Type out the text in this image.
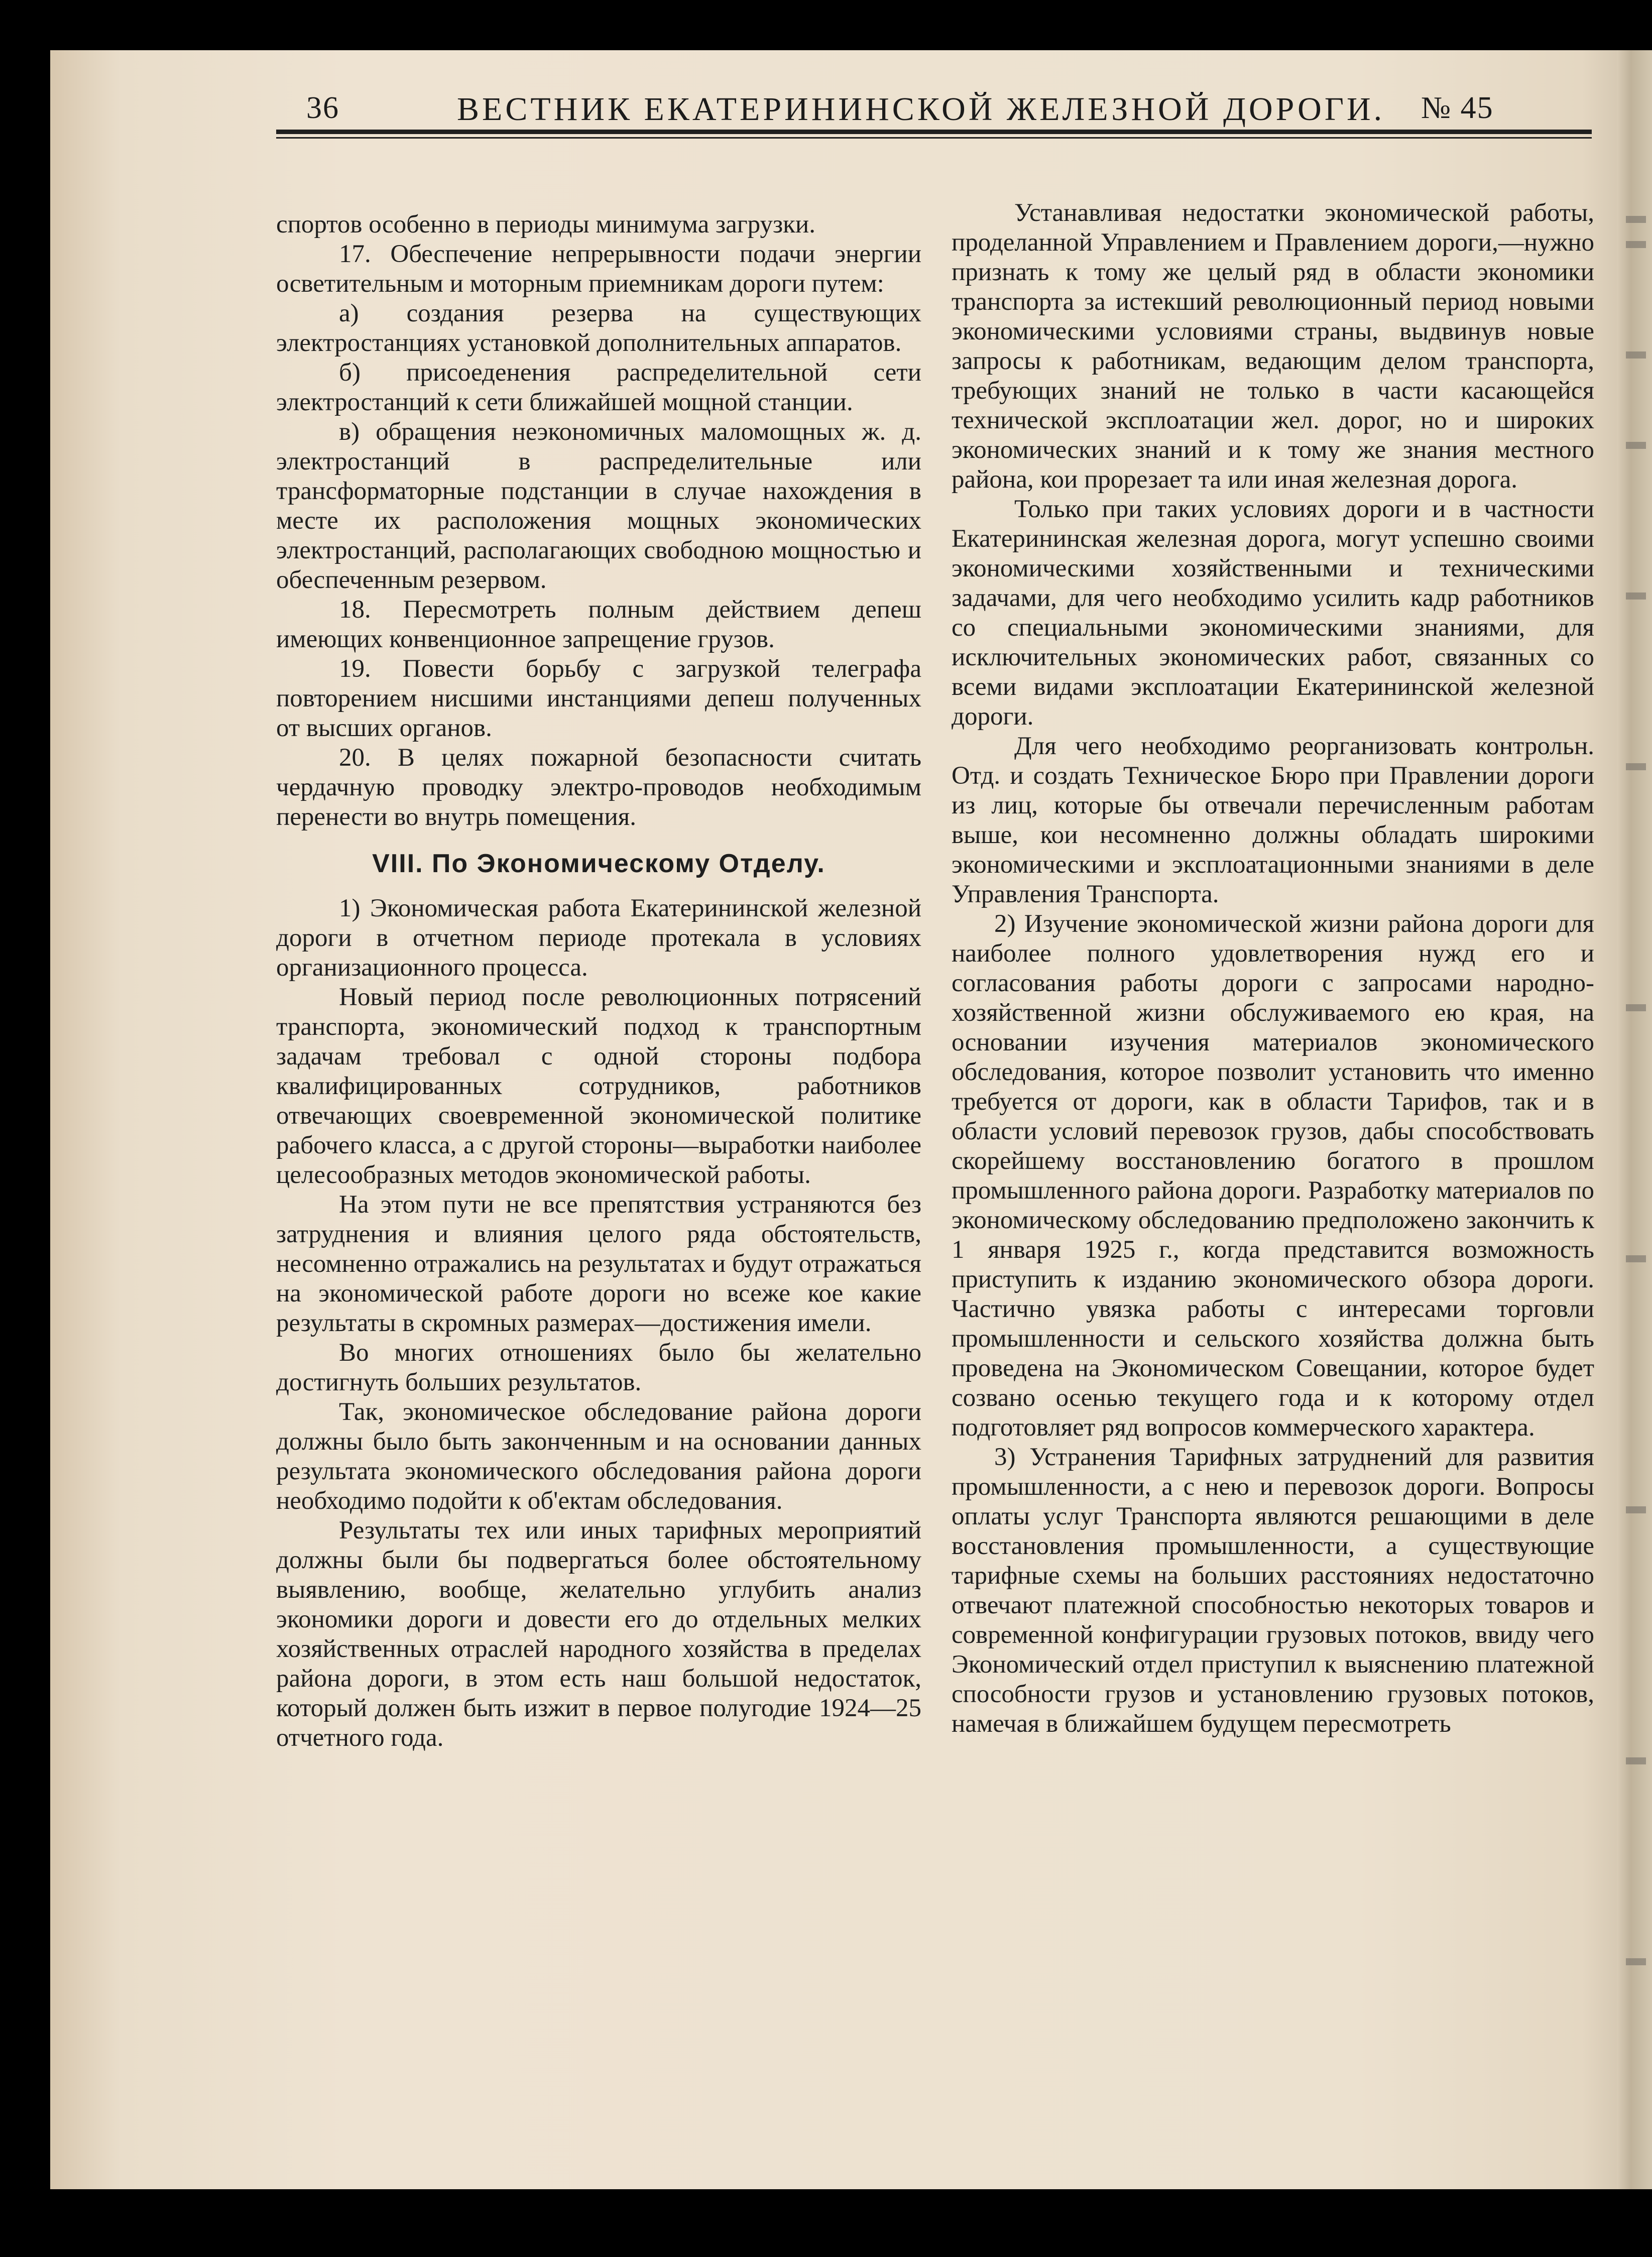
36	ВЕСТНИК ЕКАТЕРИНИНСКОЙ ЖЕЛЕЗНОЙ ДОРОГИ. № 45

спортов особенно в периоды минимума загрузки.

17. Обеспечение непрерывности подачи энергии осветительным и моторным приемникам дороги путем:

а) создания резерва на существующих электростанциях установкой дополнительных аппаратов.

б) присоеденения распределительной сети электростанций к сети ближайшей мощной станции.

в) обращения неэкономичных маломощных ж. д. электростанций в распределительные или трансформаторные подстанции в случае нахождения в месте их расположения мощных экономических электростанций, располагающих свободною мощностью и обеспеченным резервом.

18. Пересмотреть полным действием депеш имеющих конвенционное запрещение грузов.

19. Повести борьбу с загрузкой телеграфа повторением нисшими инстанциями депеш полученных от высших органов.

20. В целях пожарной безопасности считать чердачную проводку электро-проводов необходимым перенести во внутрь помещения.

VIII. По Экономическому Отделу.

1) Экономическая работа Екатерининской железной дороги в отчетном периоде протекала в условиях организационного процесса.

Новый период после революционных потрясений транспорта, экономический подход к транспортным задачам требовал с одной стороны подбора квалифицированных сотрудников, работников отвечающих своевременной экономической политике рабочего класса, а с другой стороны—выработки наиболее целесообразных методов экономической работы.

На этом пути не все препятствия устраняются без затруднения и влияния целого ряда обстоятельств, несомненно отражались на результатах и будут отражаться на экономической работе дороги но всеже кое какие результаты в скромных размерах—достижения имели.

Во многих отношениях было бы желательно достигнуть больших результатов.

Так, экономическое обследование района дороги должны было быть законченным и на основании данных результата экономического обследования района дороги необходимо подойти к об'ектам обследования.

Результаты тех или иных тарифных мероприятий должны были бы подвергаться более обстоятельному выявлению, вообще, желательно углубить анализ экономики дороги и довести его до отдельных мелких хозяйственных отраслей народного хозяйства в пределах района дороги, в этом есть наш большой недостаток, который должен быть изжит в первое полугодие 1924—25 отчетного года.

Устанавливая недостатки экономической работы, проделанной Управлением и Правлением дороги,—нужно признать к тому же целый ряд в области экономики транспорта за истекший революционный период новыми экономическими условиями страны, выдвинув новые запросы к работникам, ведающим делом транспорта, требующих знаний не только в части касающейся технической эксплоатации жел. дорог, но и широких экономических знаний и к тому же знания местного района, кои прорезает та или иная железная дорога.

Только при таких условиях дороги и в частности Екатерининская железная дорога, могут успешно своими экономическими хозяйственными и техническими задачами, для чего необходимо усилить кадр работников со специальными экономическими знаниями, для исключительных экономических работ, связанных со всеми видами эксплоатации Екатерининской железной дороги.

Для чего необходимо реорганизовать контрольн. Отд. и создать Техническое Бюро при Правлении дороги из лиц, которые бы отвечали перечисленным работам выше, кои несомненно должны обладать широкими экономическими и эксплоатационными знаниями в деле Управления Транспорта.

2) Изучение экономической жизни района дороги для наиболее полного удовлетворения нужд его и согласования работы дороги с запросами народно-хозяйственной жизни обслуживаемого ею края, на основании изучения материалов экономического обследования, которое позволит установить что именно требуется от дороги, как в области Тарифов, так и в области условий перевозок грузов, дабы способствовать скорейшему восстановлению богатого в прошлом промышленного района дороги. Разработку материалов по экономическому обследованию предположено закончить к 1 января 1925 г., когда представится возможность приступить к изданию экономического обзора дороги. Частично увязка работы с интересами торговли промышленности и сельского хозяйства должна быть проведена на Экономическом Совещании, которое будет созвано осенью текущего года и к которому отдел подготовляет ряд вопросов коммерческого характера.

3) Устранения Тарифных затруднений для развития промышленности, а с нею и перевозок дороги. Вопросы оплаты услуг Транспорта являются решающими в деле восстановления промышленности, а существующие тарифные схемы на больших расстояниях недостаточно отвечают платежной способностью некоторых товаров и современной конфигурации грузовых потоков, ввиду чего Экономический отдел приступил к выяснению платежной способности грузов и установлению грузовых потоков, намечая в ближайшем будущем пересмотреть
